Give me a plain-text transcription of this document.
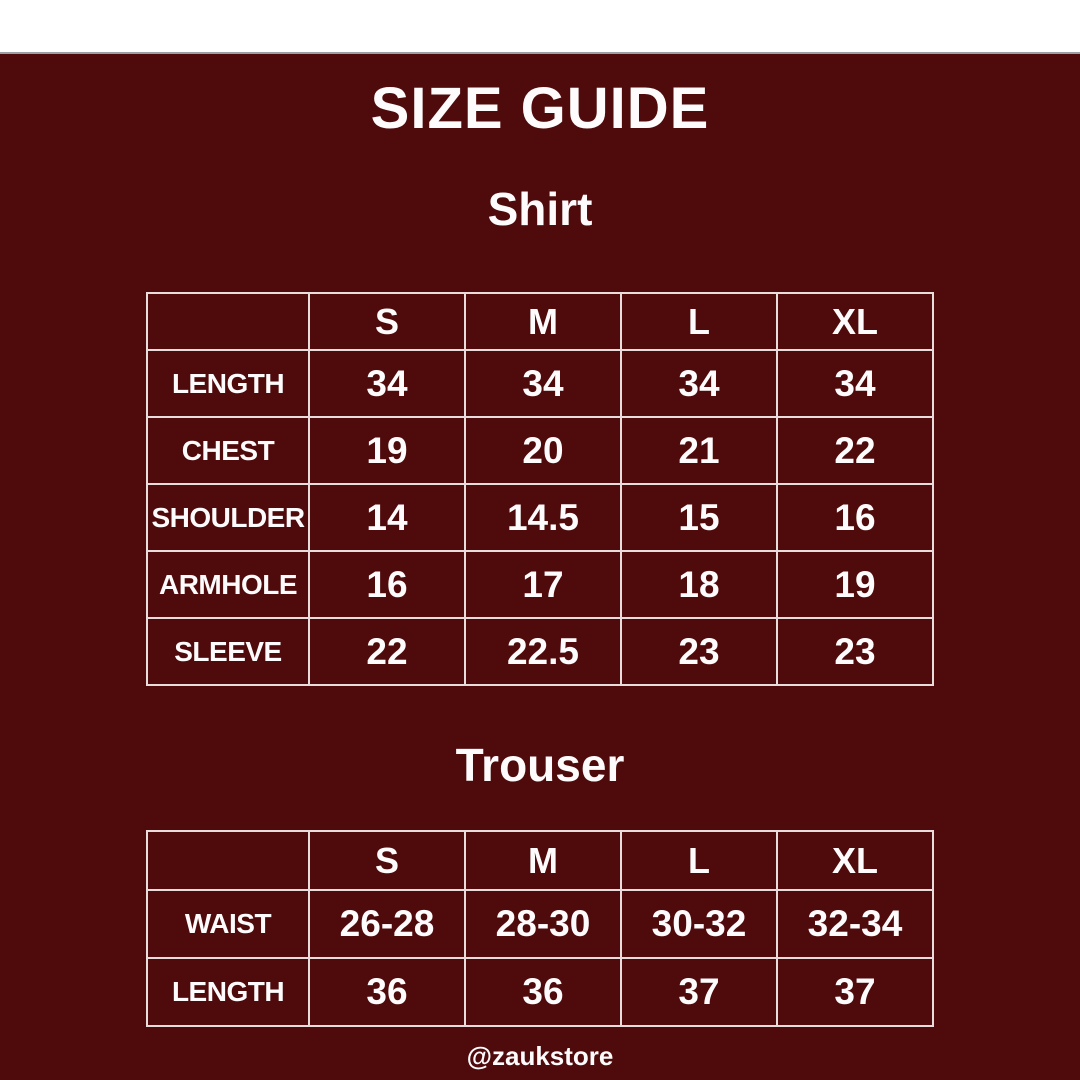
SIZE GUIDE
Shirt
	S	M	L	XL
LENGTH	34	34	34	34
CHEST	19	20	21	22
SHOULDER	14	14.5	15	16
ARMHOLE	16	17	18	19
SLEEVE	22	22.5	23	23
Trouser
	S	M	L	XL
WAIST	26-28	28-30	30-32	32-34
LENGTH	36	36	37	37
@zaukstore
